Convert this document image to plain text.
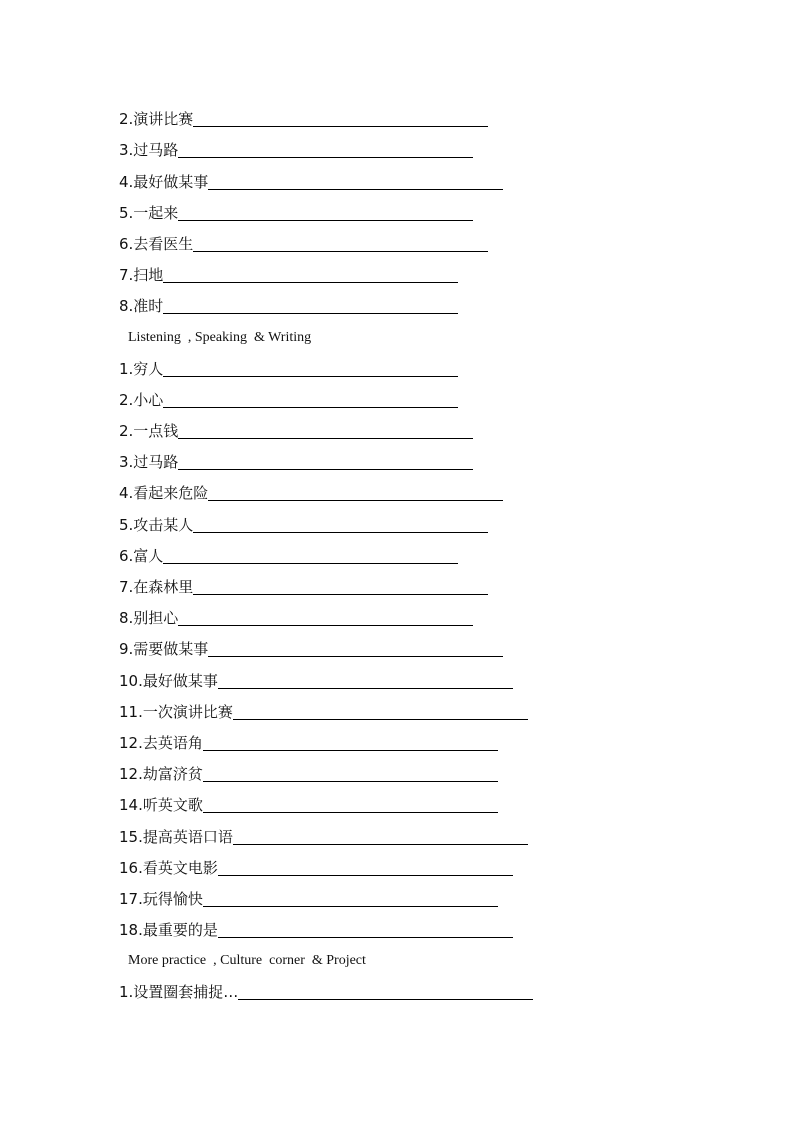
2.演讲比赛
3.过马路
4.最好做某事
5.一起来
6.去看医生
7.扫地
8.准时
Listening  , Speaking  & Writing
1.穷人
2.小心
2.一点钱
3.过马路
4.看起来危险
5.攻击某人
6.富人
7.在森林里
8.别担心
9.需要做某事
10.最好做某事
11.一次演讲比赛
12.去英语角
12.劫富济贫
14.听英文歌
15.提高英语口语
16.看英文电影
17.玩得愉快
18.最重要的是
More practice  , Culture  corner  & Project
1.设置圈套捕捉…
